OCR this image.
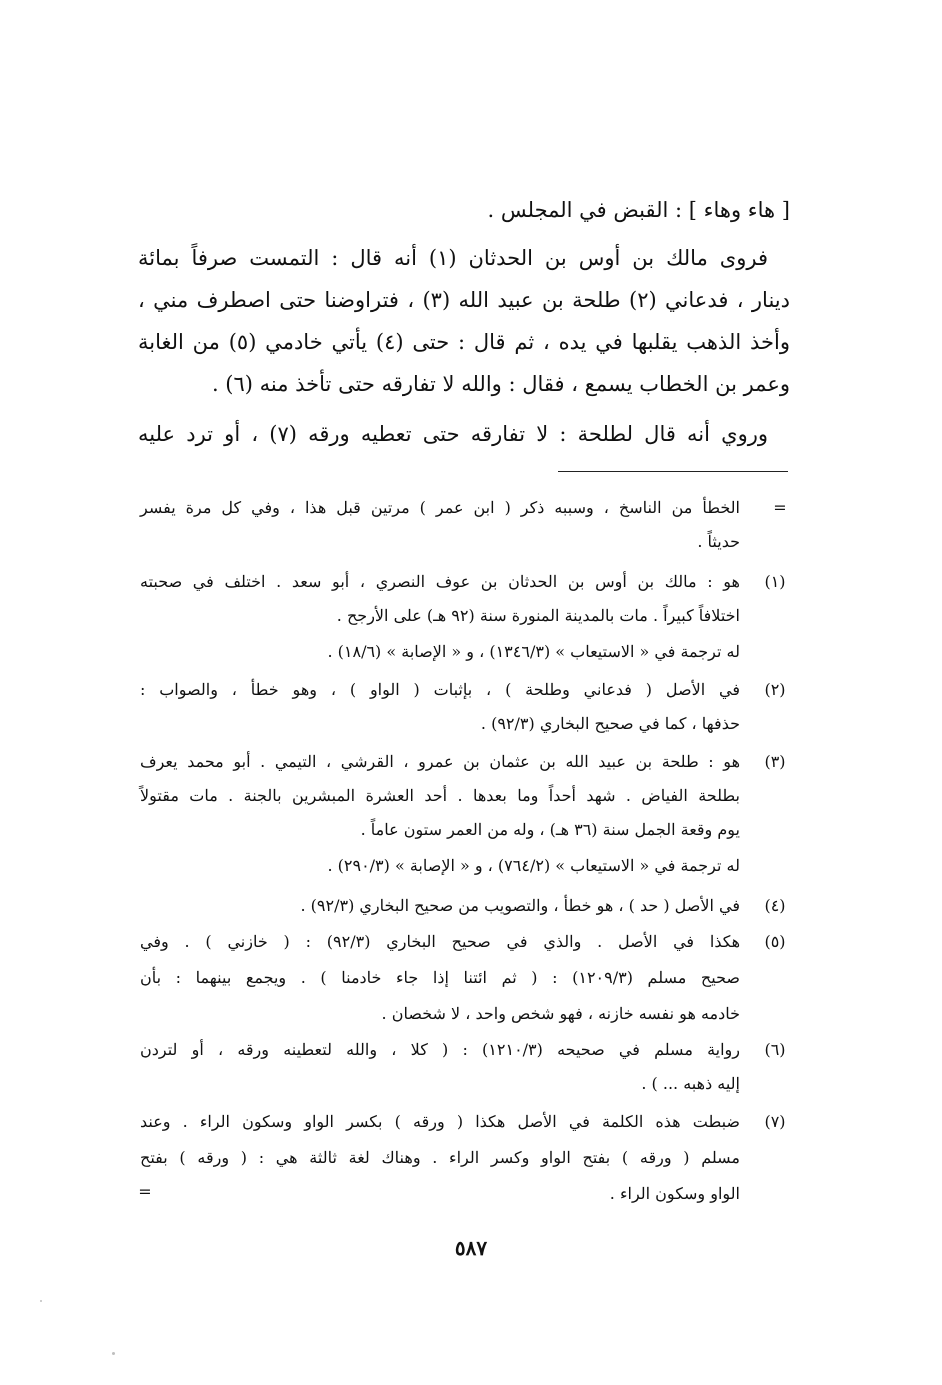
[ هاء وهاء ] : القبض في المجلس .
فروى مالك بن أوس بن الحدثان (١) أنه قال : التمست صرفاً بمائة
دينار ، فدعاني (٢) طلحة بن عبيد الله (٣) ، فتراوضنا حتى اصطرف مني ،
وأخذ الذهب يقلبها في يده ، ثم قال : حتى (٤) يأتي خادمي (٥) من الغابة
وعمر بن الخطاب يسمع ، فقال : والله لا تفارقه حتى تأخذ منه (٦) .
وروي أنه قال لطلحة : لا تفارقه حتى تعطيه ورقه (٧) ، أو ترد عليه
=
الخطأ من الناسخ ، وسببه ذكر ( ابن عمر ) مرتين قبل هذا ، وفي كل مرة يفسر
حديثاً .
(١)
هو : مالك بن أوس بن الحدثان بن عوف النصري ، أبو سعد . اختلف في صحبته
اختلافاً كبيراً . مات بالمدينة المنورة سنة (٩٢ هـ) على الأرجح .
له ترجمة في « الاستيعاب » (١٣٤٦/٣) ، و « الإصابة » (١٨/٦) .
(٢)
في الأصل ( فدعاني وطلحة ) ، بإثبات ( الواو ) ، وهو خطأ ، والصواب :
حذفها ، كما في صحيح البخاري (٩٢/٣) .
(٣)
هو : طلحة بن عبيد الله بن عثمان بن عمرو ، القرشي ، التيمي . أبو محمد يعرف
بطلحة الفياض . شهد أحداً وما بعدها . أحد العشرة المبشرين بالجنة . مات مقتولاً
يوم وقعة الجمل سنة (٣٦ هـ) ، وله من العمر ستون عاماً .
له ترجمة في « الاستيعاب » (٧٦٤/٢) ، و « الإصابة » (٢٩٠/٣) .
(٤)
في الأصل ( حد ) ، هو خطأ ، والتصويب من صحيح البخاري (٩٢/٣) .
(٥)
هكذا في الأصل . والذي في صحيح البخاري (٩٢/٣) : ( خازني ) . وفي
صحيح مسلم (١٢٠٩/٣) : ( ثم ائتنا إذا جاء خادمنا ) . ويجمع بينهما : بأن
خادمه هو نفسه خازنه ، فهو شخص واحد ، لا شخصان .
(٦)
رواية مسلم في صحيحه (١٢١٠/٣) : ( كلا ، والله لتعطينه ورقه ، أو لتردن
إليه ذهبه ... ) .
(٧)
ضبطت هذه الكلمة في الأصل هكذا ( ورقه ) بكسر الواو وسكون الراء . وعند
مسلم ( ورقه ) بفتح الواو وكسر الراء . وهناك لغة ثالثة هي : ( ورقه ) بفتح
الواو وسكون الراء .
=
٥٨٧
